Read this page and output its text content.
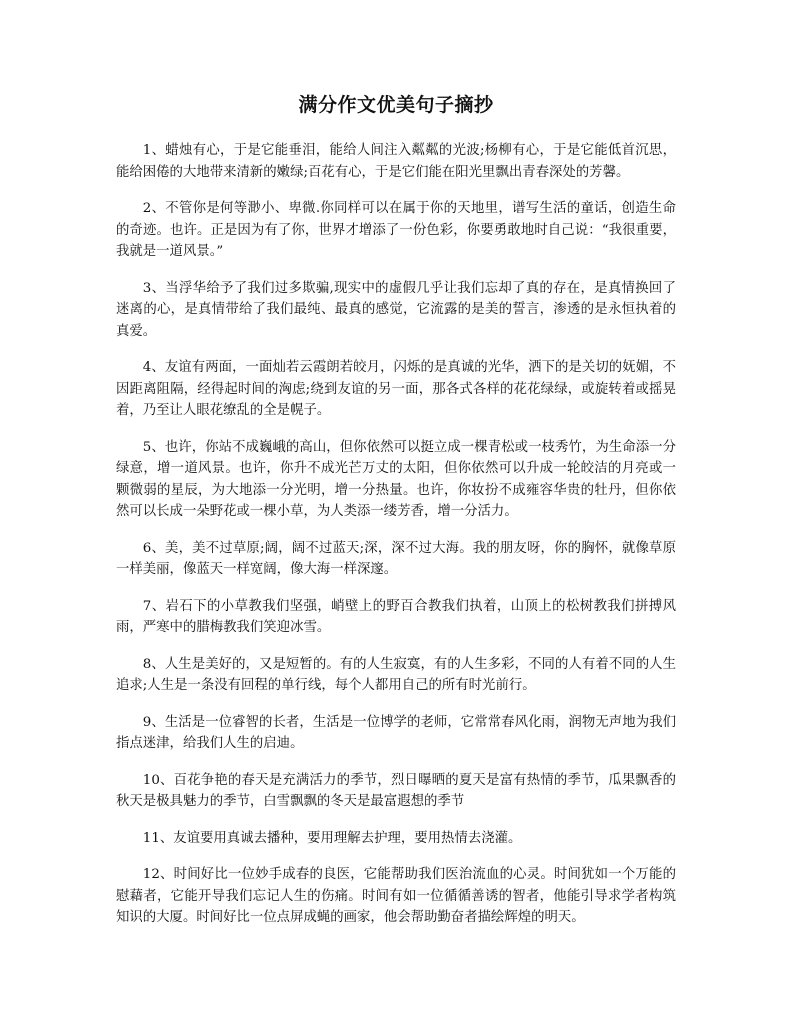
满分作文优美句子摘抄

1、蜡烛有心，于是它能垂泪，能给人间注入粼粼的光波;杨柳有心，于是它能低首沉思，能给困倦的大地带来清新的嫩绿;百花有心，于是它们能在阳光里飘出青春深处的芳馨。

2、不管你是何等渺小、卑微.你同样可以在属于你的天地里，谱写生活的童话，创造生命的奇迹。也许。正是因为有了你，世界才增添了一份色彩，你要勇敢地时自己说：“我很重要，我就是一道风景。”

3、当浮华给予了我们过多欺骗,现实中的虚假几乎让我们忘却了真的存在，是真情换回了迷离的心，是真情带给了我们最纯、最真的感觉，它流露的是美的誓言，渗透的是永恒执着的真爱。

4、友谊有两面，一面灿若云霞朗若皎月，闪烁的是真诚的光华，洒下的是关切的妩媚，不因距离阻隔，经得起时间的洶虑;绕到友谊的另一面，那各式各样的花花绿绿，或旋转着或摇晃着，乃至让人眼花缭乱的全是幌子。

5、也许，你站不成巍峨的高山，但你依然可以挺立成一棵青松或一枝秀竹，为生命添一分绿意，增一道风景。也许，你升不成光芒万丈的太阳，但你依然可以升成一轮皎洁的月亮或一颗微弱的星辰，为大地添一分光明，增一分热量。也许，你妆扮不成雍容华贵的牡丹，但你依然可以长成一朵野花或一棵小草，为人类添一缕芳香，增一分活力。

6、美，美不过草原;阔，阔不过蓝天;深，深不过大海。我的朋友呀，你的胸怀，就像草原一样美丽，像蓝天一样宽阔，像大海一样深邃。

7、岩石下的小草教我们坚强，峭壁上的野百合教我们执着，山顶上的松树教我们拼搏风雨，严寒中的腊梅教我们笑迎冰雪。

8、人生是美好的，又是短暂的。有的人生寂寞，有的人生多彩，不同的人有着不同的人生追求;人生是一条没有回程的单行线，每个人都用自己的所有时光前行。

9、生活是一位睿智的长者，生活是一位博学的老师，它常常春风化雨，润物无声地为我们指点迷津，给我们人生的启迪。

10、百花争艳的春天是充满活力的季节，烈日曝晒的夏天是富有热情的季节，瓜果飘香的秋天是极具魅力的季节，白雪飘飘的冬天是最富遐想的季节

11、友谊要用真诚去播种，要用理解去护理，要用热情去浇灌。

12、时间好比一位妙手成春的良医，它能帮助我们医治流血的心灵。时间犹如一个万能的慰藉者，它能开导我们忘记人生的伤痛。时间有如一位循循善诱的智者，他能引导求学者构筑知识的大厦。时间好比一位点屏成蝇的画家，他会帮助勤奋者描绘辉煌的明天。
